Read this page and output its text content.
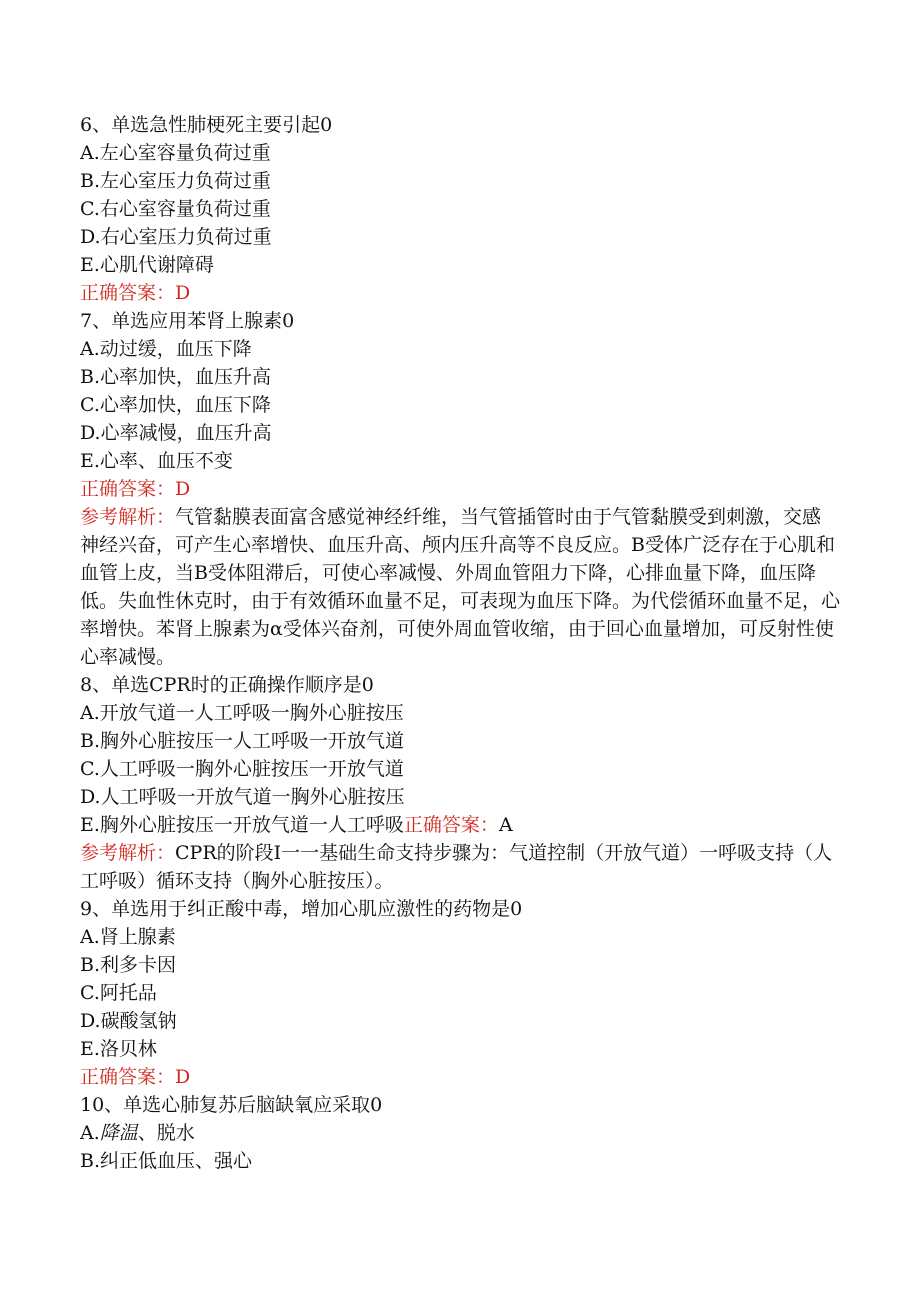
6、单选急性肺梗死主要引起0
A.左心室容量负荷过重
B.左心室压力负荷过重
C.右心室容量负荷过重
D.右心室压力负荷过重
E.心肌代谢障碍
正确答案：D
7、单选应用苯肾上腺素0
A.动过缓，血压下降
B.心率加快，血压升高
C.心率加快，血压下降
D.心率减慢，血压升高
E.心率、血压不变
正确答案：D
参考解析：气管黏膜表面富含感觉神经纤维，当气管插管时由于气管黏膜受到刺激，交感神经兴奋，可产生心率增快、血压升高、颅内压升高等不良反应。B受体广泛存在于心肌和血管上皮，当B受体阻滞后，可使心率减慢、外周血管阻力下降，心排血量下降，血压降低。失血性休克时，由于有效循环血量不足，可表现为血压下降。为代偿循环血量不足，心率增快。苯肾上腺素为α受体兴奋剂，可使外周血管收缩，由于回心血量增加，可反射性使心率减慢。
8、单选CPR时的正确操作顺序是0
A.开放气道一人工呼吸一胸外心脏按压
B.胸外心脏按压一人工呼吸一开放气道
C.人工呼吸一胸外心脏按压一开放气道
D.人工呼吸一开放气道一胸外心脏按压
E.胸外心脏按压一开放气道一人工呼吸正确答案：A
参考解析：CPR的阶段I一一基础生命支持步骤为：气道控制（开放气道）一呼吸支持（人工呼吸）循环支持（胸外心脏按压）。
9、单选用于纠正酸中毒，增加心肌应激性的药物是0
A.肾上腺素
B.利多卡因
C.阿托品
D.碳酸氢钠
E.洛贝林
正确答案：D
10、单选心肺复苏后脑缺氧应采取0
A.降温、脱水
B.纠正低血压、强心
